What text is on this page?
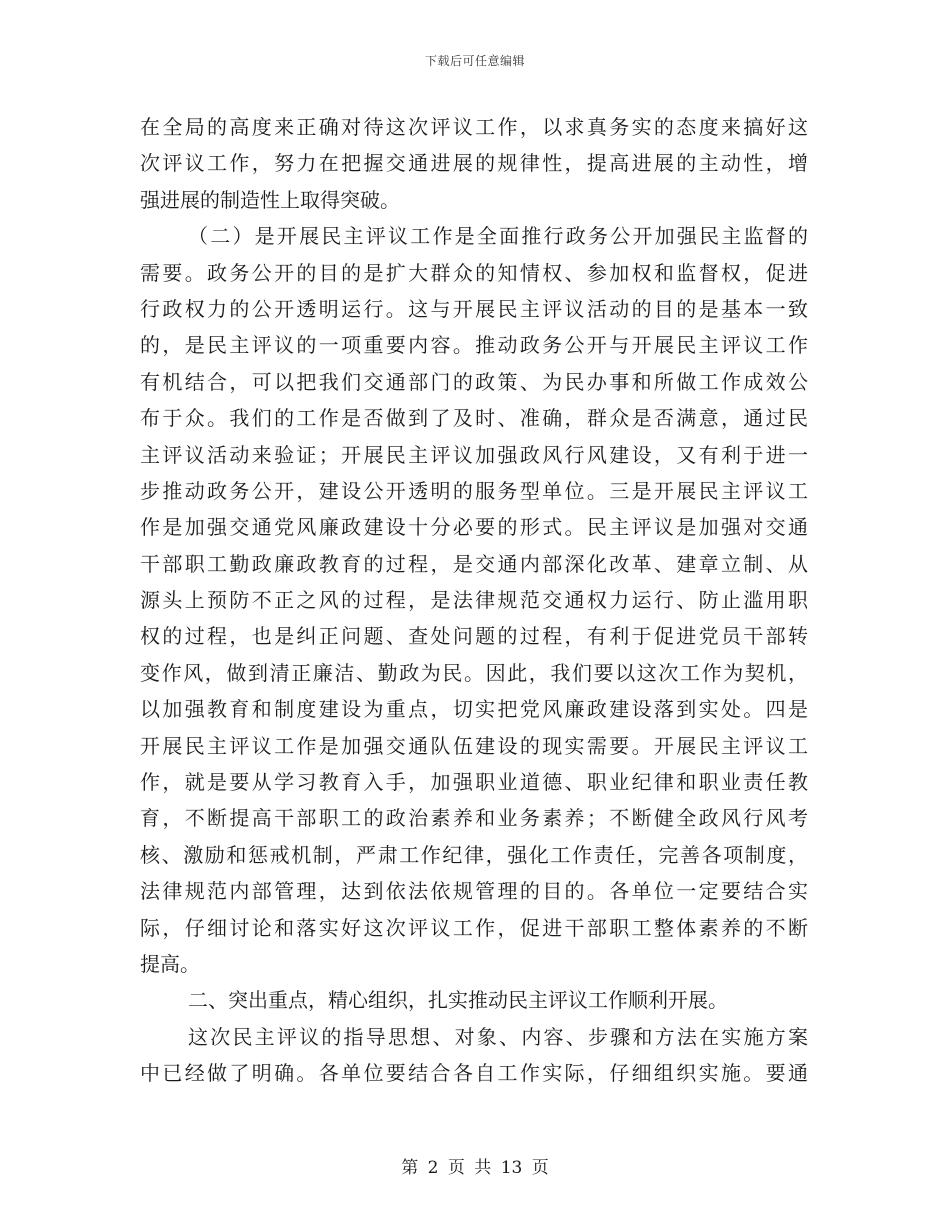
下载后可任意编辑
在全局的高度来正确对待这次评议工作，以求真务实的态度来搞好这
次评议工作，努力在把握交通进展的规律性，提高进展的主动性，增
强进展的制造性上取得突破。
（二）是开展民主评议工作是全面推行政务公开加强民主监督的
需要。政务公开的目的是扩大群众的知情权、参加权和监督权，促进
行政权力的公开透明运行。这与开展民主评议活动的目的是基本一致
的，是民主评议的一项重要内容。推动政务公开与开展民主评议工作
有机结合，可以把我们交通部门的政策、为民办事和所做工作成效公
布于众。我们的工作是否做到了及时、准确，群众是否满意，通过民
主评议活动来验证；开展民主评议加强政风行风建设，又有利于进一
步推动政务公开，建设公开透明的服务型单位。三是开展民主评议工
作是加强交通党风廉政建设十分必要的形式。民主评议是加强对交通
干部职工勤政廉政教育的过程，是交通内部深化改革、建章立制、从
源头上预防不正之风的过程，是法律规范交通权力运行、防止滥用职
权的过程，也是纠正问题、查处问题的过程，有利于促进党员干部转
变作风，做到清正廉洁、勤政为民。因此，我们要以这次工作为契机，
以加强教育和制度建设为重点，切实把党风廉政建设落到实处。四是
开展民主评议工作是加强交通队伍建设的现实需要。开展民主评议工
作，就是要从学习教育入手，加强职业道德、职业纪律和职业责任教
育，不断提高干部职工的政治素养和业务素养；不断健全政风行风考
核、激励和惩戒机制，严肃工作纪律，强化工作责任，完善各项制度，
法律规范内部管理，达到依法依规管理的目的。各单位一定要结合实
际，仔细讨论和落实好这次评议工作，促进干部职工整体素养的不断
提高。
二、突出重点，精心组织，扎实推动民主评议工作顺利开展。
这次民主评议的指导思想、对象、内容、步骤和方法在实施方案
中已经做了明确。各单位要结合各自工作实际，仔细组织实施。要通
第 2 页 共 13 页
